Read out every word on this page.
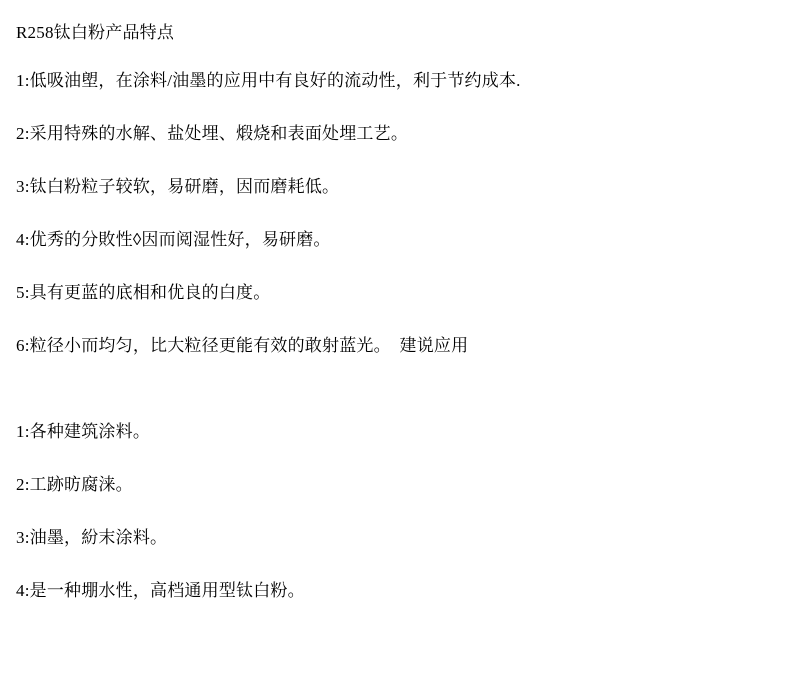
R258钛白粉产品特点

1:低吸油塱，在涂料/油墨的应用中有良好的流动性，利于节约成本.

2:采用特殊的水解、盐处埋、煅烧和表面处埋工艺。

3:钛白粉粒子较软，易研磨，因而磨耗低。

4:优秀的分敗性◊因而阅湿性好，易研磨。

5:具有更蓝的底相和优良的白度。

6:粒径小而均匀，比大粒径更能有效的敢射蓝光。　建说应用

1:各种建筑涂料。

2:工跡昉腐涞。

3:油墨，紛末涂料。

4:是一种堋水性，高档通用型钛白粉。
